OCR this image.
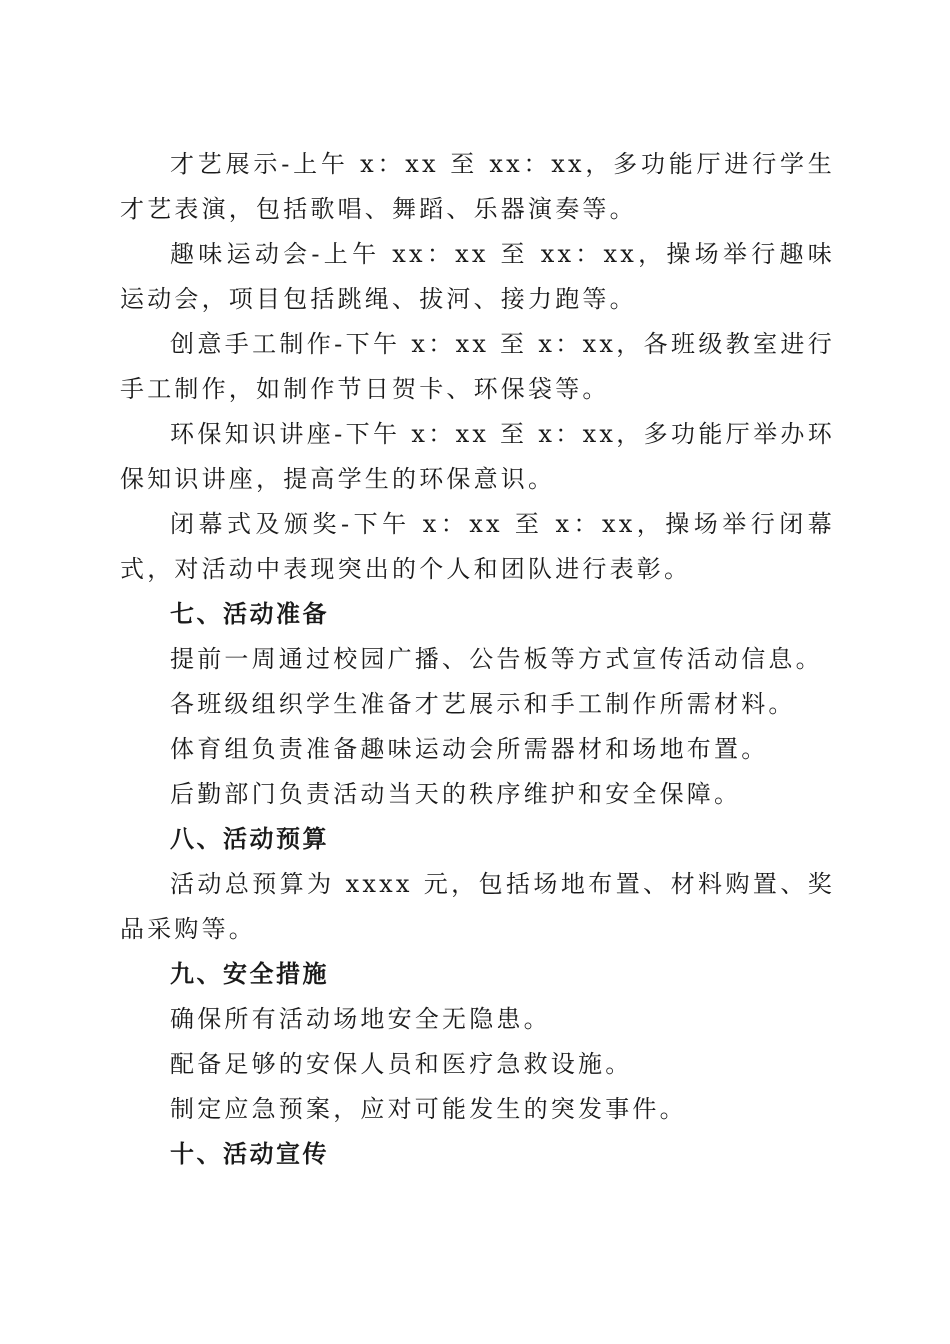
才艺展示-上午 x：xx 至 xx：xx，多功能厅进行学生才艺表演，包括歌唱、舞蹈、乐器演奏等。

趣味运动会-上午 xx：xx 至 xx：xx，操场举行趣味运动会，项目包括跳绳、拔河、接力跑等。

创意手工制作-下午 x：xx 至 x：xx，各班级教室进行手工制作，如制作节日贺卡、环保袋等。

环保知识讲座-下午 x：xx 至 x：xx，多功能厅举办环保知识讲座，提高学生的环保意识。

闭幕式及颁奖-下午 x：xx 至 x：xx，操场举行闭幕式，对活动中表现突出的个人和团队进行表彰。

七、活动准备

提前一周通过校园广播、公告板等方式宣传活动信息。

各班级组织学生准备才艺展示和手工制作所需材料。

体育组负责准备趣味运动会所需器材和场地布置。

后勤部门负责活动当天的秩序维护和安全保障。

八、活动预算

活动总预算为 xxxx 元，包括场地布置、材料购置、奖品采购等。

九、安全措施

确保所有活动场地安全无隐患。

配备足够的安保人员和医疗急救设施。

制定应急预案，应对可能发生的突发事件。

十、活动宣传
